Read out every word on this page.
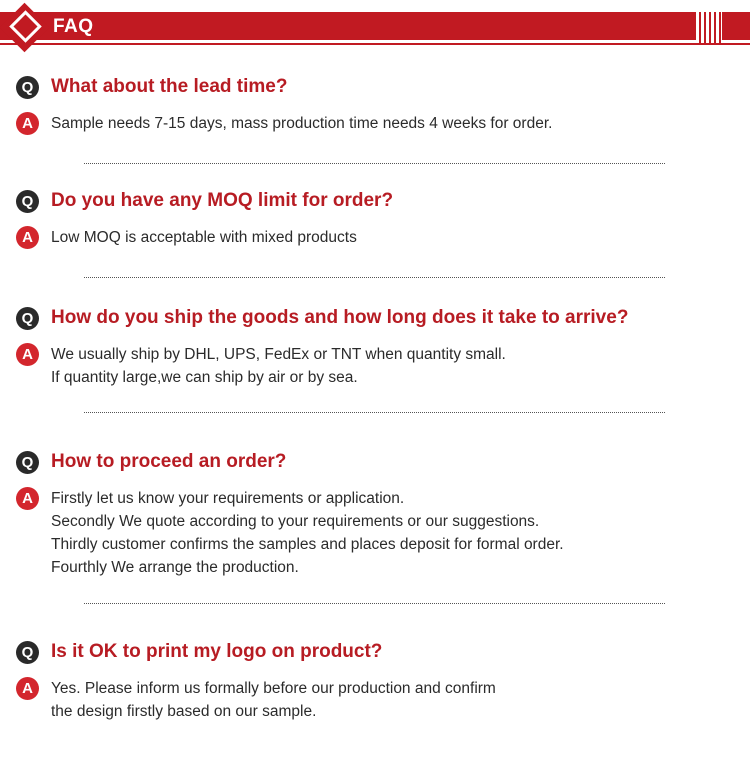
FAQ
Q What about the lead time?
A	Sample needs 7-15 days, mass production time needs 4 weeks for order.
Q Do you have any MOQ limit for order?
A	Low MOQ is acceptable with mixed products
Q How do you ship the goods and how long does it take to arrive?
A	We usually ship by DHL, UPS, FedEx or TNT when quantity small.
If quantity large,we can ship by air or by sea.
Q How to proceed an order?
A	Firstly let us know your requirements or application.
Secondly We quote according to your requirements or our suggestions.
Thirdly customer confirms the samples and places deposit for formal order.
Fourthly We arrange the production.
Q Is it OK to print my logo on product?
A	Yes. Please inform us formally before our production and confirm
the design firstly based on our sample.
